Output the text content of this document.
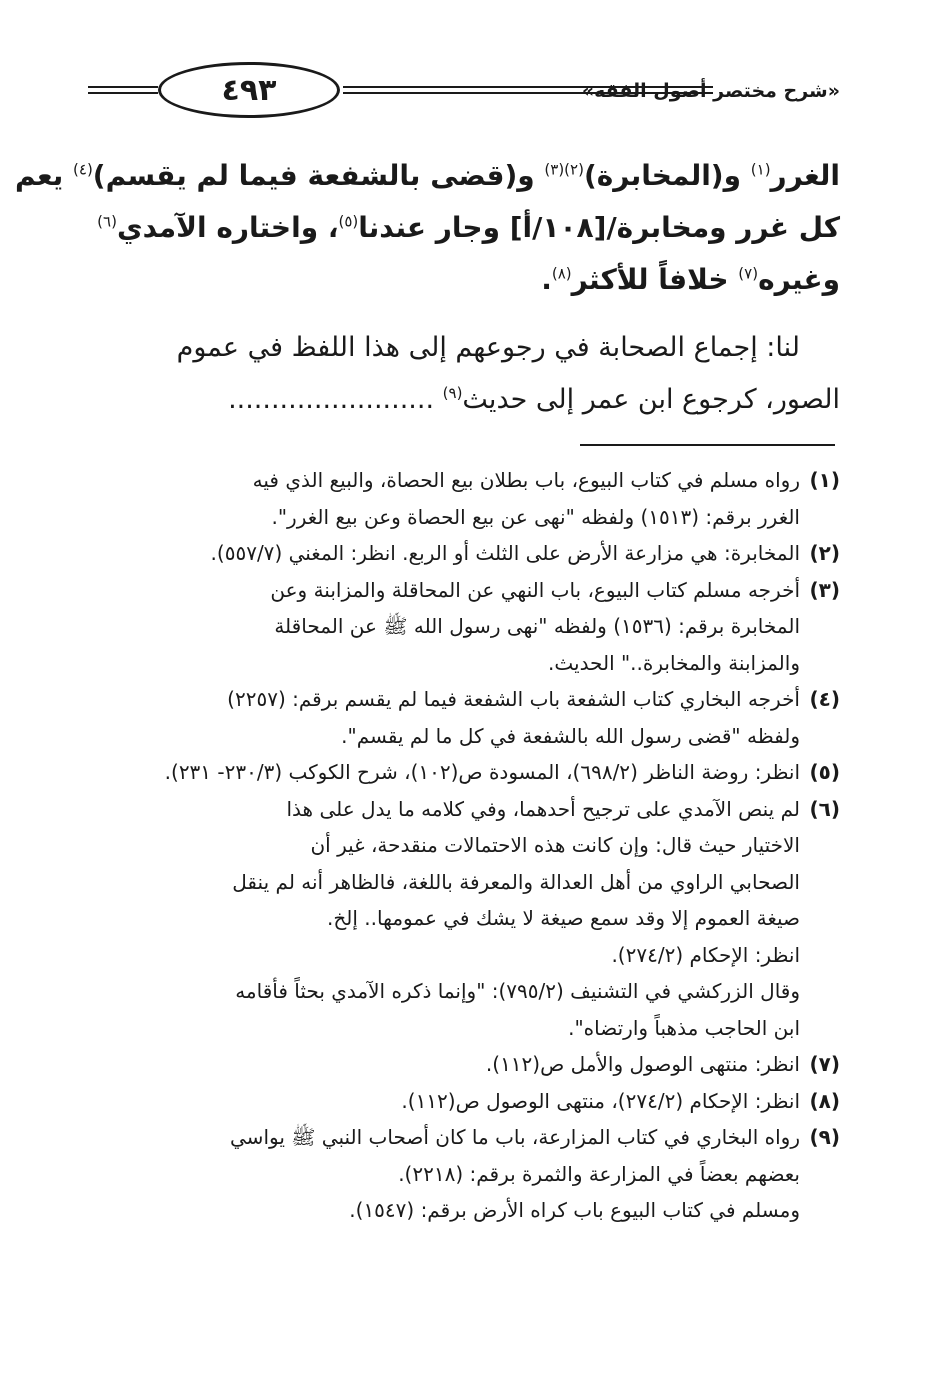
٤٩٣	«شرح مختصر أصول الفقه»
الغرر$^{(١)}$ و(المخابرة)$^{(٢)(٣)}$ و(قضى بالشفعة فيما لم يقسم)$^{(٤)}$ يعم
كل غرر ومخابرة/[١٠٨/أ] وجار عندنا$^{(٥)}$، واختاره الآمدي$^{(٦)}$
وغيره$^{(٧)}$ خلافاً للأكثر$^{(٨)}$.
لنا: إجماع الصحابة في رجوعهم إلى هذا اللفظ في عموم
الصور، كرجوع ابن عمر إلى حديث$^{(٩)}$ ........................
(١)رواه مسلم في كتاب البيوع، باب بطلان بيع الحصاة، والبيع الذي فيه
الغرر برقم: (١٥١٣) ولفظه "نهى عن بيع الحصاة وعن بيع الغرر".
(٢)المخابرة: هي مزارعة الأرض على الثلث أو الربع. انظر: المغني (٥٥٧/٧).
(٣)أخرجه مسلم كتاب البيوع، باب النهي عن المحاقلة والمزابنة وعن
المخابرة برقم: (١٥٣٦) ولفظه "نهى رسول الله ﷺ عن المحاقلة
والمزابنة والمخابرة.." الحديث.
(٤)أخرجه البخاري كتاب الشفعة باب الشفعة فيما لم يقسم برقم: (٢٢٥٧)
ولفظه "قضى رسول الله بالشفعة في كل ما لم يقسم".
(٥)انظر: روضة الناظر (٦٩٨/٢)، المسودة ص(١٠٢)، شرح الكوكب (٢٣٠/٣- ٢٣١).
(٦)لم ينص الآمدي على ترجيح أحدهما، وفي كلامه ما يدل على هذا
الاختيار حيث قال: وإن كانت هذه الاحتمالات منقدحة، غير أن
الصحابي الراوي من أهل العدالة والمعرفة باللغة، فالظاهر أنه لم ينقل
صيغة العموم إلا وقد سمع صيغة لا يشك في عمومها.. إلخ.
انظر: الإحكام (٢٧٤/٢).
وقال الزركشي في التشنيف (٧٩٥/٢): "وإنما ذكره الآمدي بحثاً فأقامه
ابن الحاجب مذهباً وارتضاه".
(٧)انظر: منتهى الوصول والأمل ص(١١٢).
(٨)انظر: الإحكام (٢٧٤/٢)، منتهى الوصول ص(١١٢).
(٩)رواه البخاري في كتاب المزارعة، باب ما كان أصحاب النبي ﷺ يواسي
بعضهم بعضاً في المزارعة والثمرة برقم: (٢٢١٨).
ومسلم في كتاب البيوع باب كراه الأرض برقم: (١٥٤٧).
